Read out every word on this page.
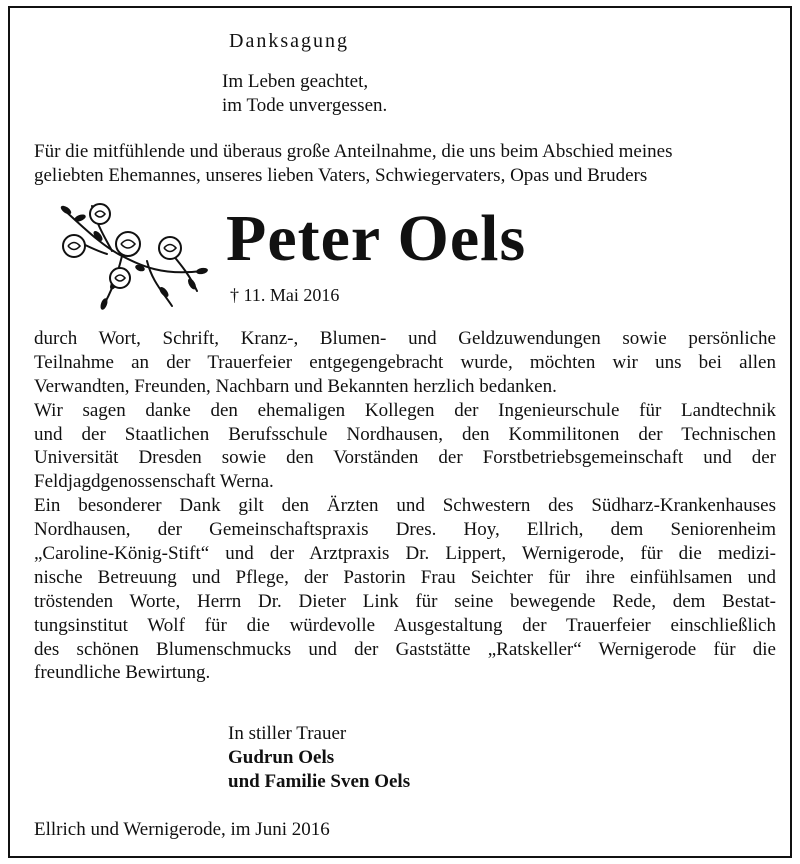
Danksagung
Im Leben geachtet,
im Tode unvergessen.
Für die mitfühlende und überaus große Anteilnahme, die uns beim Abschied meines
geliebten Ehemannes, unseres lieben Vaters, Schwiegervaters, Opas und Bruders
Peter Oels
† 11. Mai 2016
durch Wort, Schrift, Kranz-, Blumen- und Geldzuwendungen sowie persönliche
Teilnahme an der Trauerfeier entgegengebracht wurde, möchten wir uns bei allen
Verwandten, Freunden, Nachbarn und Bekannten herzlich bedanken.
Wir sagen danke den ehemaligen Kollegen der Ingenieurschule für Landtechnik
und der Staatlichen Berufsschule Nordhausen, den Kommilitonen der Technischen
Universität Dresden sowie den Vorständen der Forstbetriebsgemeinschaft und der
Feldjagdgenossenschaft Werna.
Ein besonderer Dank gilt den Ärzten und Schwestern des Südharz-Krankenhauses
Nordhausen, der Gemeinschaftspraxis Dres. Hoy, Ellrich, dem Seniorenheim
„Caroline-König-Stift“ und der Arztpraxis Dr. Lippert, Wernigerode, für die medizi-
nische Betreuung und Pflege, der Pastorin Frau Seichter für ihre einfühlsamen und
tröstenden Worte, Herrn Dr. Dieter Link für seine bewegende Rede, dem Bestat-
tungsinstitut Wolf für die würdevolle Ausgestaltung der Trauerfeier einschließlich
des schönen Blumenschmucks und der Gaststätte „Ratskeller“ Wernigerode für die
freundliche Bewirtung.
In stiller Trauer
Gudrun Oels
und Familie Sven Oels
Ellrich und Wernigerode, im Juni 2016
